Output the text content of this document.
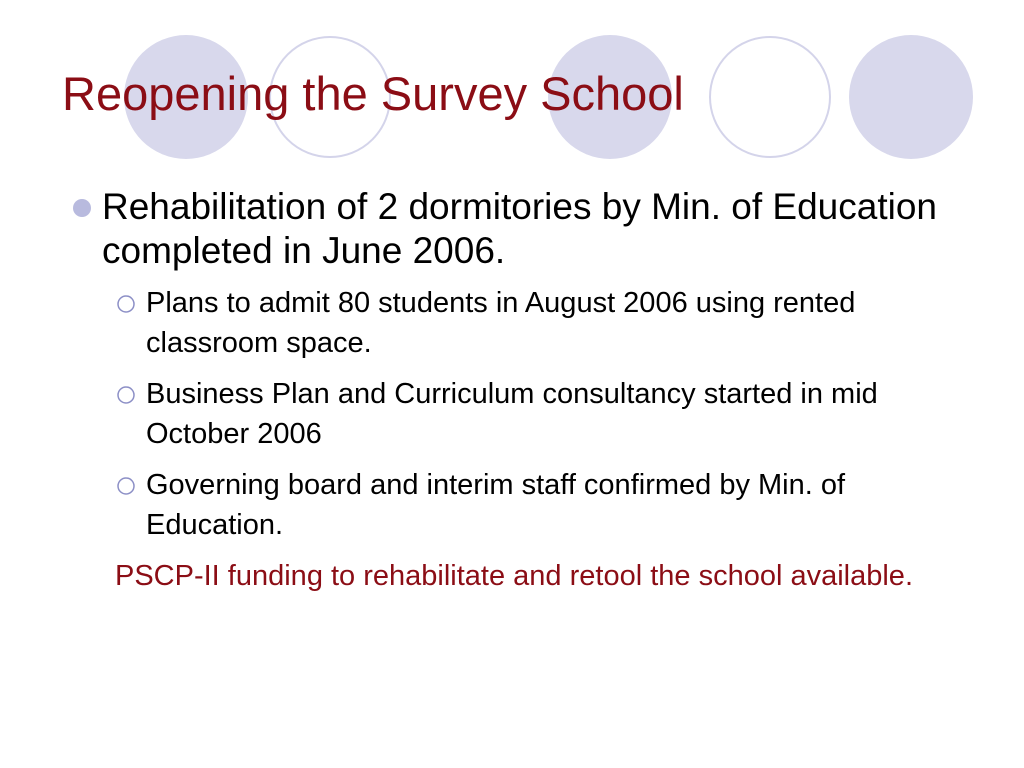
Reopening the Survey School
Rehabilitation of 2 dormitories by Min. of Education completed in June 2006.
Plans to admit 80 students in August 2006 using rented classroom space.
Business Plan and Curriculum consultancy started in mid October 2006
Governing board and interim staff confirmed by Min. of Education.

PSCP-II funding to rehabilitate and retool the school available.
